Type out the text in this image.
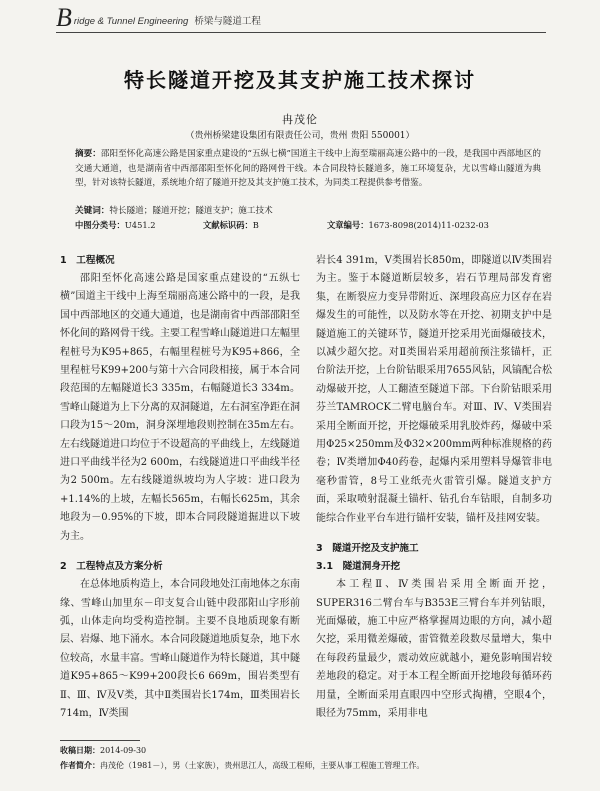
B ridge & Tunnel Engineering 桥梁与隧道工程
特长隧道开挖及其支护施工技术探讨
冉茂伦
（贵州桥梁建设集团有限责任公司，贵州 贵阳 550001）
摘要：邵阳至怀化高速公路是国家重点建设的“五纵七横”国道主干线中上海至瑞丽高速公路中的一段，是我国中西部地区的交通大通道，也是湖南省中西部邵阳至怀化间的路网骨干线。本合同段特长隧道多，施工环境复杂，尤以雪峰山隧道为典型，针对该特长隧道，系统地介绍了隧道开挖及其支护施工技术，为同类工程提供参考借鉴。
关键词：特长隧道；隧道开挖；隧道支护；施工技术
中图分类号：U451.2	文献标识码：B	文章编号：1673-8098(2014)11-0232-03
1　工程概况

邵阳至怀化高速公路是国家重点建设的“五纵七横”国道主干线中上海至瑞丽高速公路中的一段，是我国中西部地区的交通大通道，也是湖南省中西部邵阳至怀化间的路网骨干线。主要工程雪峰山隧道进口左幅里程桩号为K95+865，右幅里程桩号为K95+866，全里程桩号K99+200与第十六合同段相接，属于本合同段范围的左幅隧道长3 335m，右幅隧道长3 334m。雪峰山隧道为上下分离的双洞隧道，左右洞室净距在洞口段为15～20m，洞身深埋地段则控制在35m左右。左右线隧道进口均位于不设超高的平曲线上，左线隧道进口平曲线半径为2 600m，右线隧道进口平曲线半径为2 500m。左右线隧道纵坡均为人字坡：进口段为+1.14%的上坡，左幅长565m，右幅长625m，其余地段为－0.95%的下坡，即本合同段隧道掘进以下坡为主。

2　工程特点及方案分析

在总体地质构造上，本合同段地处江南地体之东南缘、雪峰山加里东－印支复合山链中段邵阳山字形前弧，山体走向均受构造控制。主要不良地质现象有断层、岩爆、地下涌水。本合同段隧道地质复杂，地下水位较高，水量丰富。雪峰山隧道作为特长隧道，其中隧道K95+865～K99+200段长6 669m，围岩类型有Ⅱ、Ⅲ、Ⅳ及Ⅴ类，其中Ⅱ类围岩长174m，Ⅲ类围岩长714m，Ⅳ类围

岩长4 391m，Ⅴ类围岩长850m，即隧道以Ⅳ类围岩为主。鉴于本隧道断层较多，岩石节理局部发育密集，在断裂应力变异带附近、深埋段高应力区存在岩爆发生的可能性，以及防水等在开挖、初期支护中是隧道施工的关键环节，隧道开挖采用光面爆破技术，以减少超欠挖。对Ⅱ类围岩采用超前预注浆锚杆，正台阶法开挖，上台阶钻眼采用7655风钻，风镐配合松动爆破开挖，人工翻渣至隧道下部。下台阶钻眼采用芬兰TAMROCK二臂电脑台车。对Ⅲ、Ⅳ、Ⅴ类围岩采用全断面开挖，开挖爆破采用乳胶炸药，爆破中采用Φ25×250mm及Φ32×200mm两种标准规格的药卷；Ⅳ类增加Φ40药卷，起爆内采用塑料导爆管非电毫秒雷管，8号工业纸壳火雷管引爆。隧道支护方面，采取喷射混凝土锚杆、钻孔台车钻眼，自制多功能综合作业平台车进行锚杆安装，锚杆及挂网安装。

3　隧道开挖及支护施工
3.1　隧道洞身开挖

本工程Ⅱ、Ⅳ类围岩采用全断面开挖，SUPER316二臂台车与B353E三臂台车并列钻眼，光面爆破，施工中应严格掌握周边眼的方向，减小超欠挖，采用微差爆破，雷管微差段数尽量增大，集中在每段药量最少，震动效应就越小，避免影响围岩较差地段的稳定。对于本工程全断面开挖地段每循环药用量，全断面采用直眼四中空形式掏槽，空眼4个，眼径为75mm，采用非电

收稿日期：2014-09-30
作者简介：冉茂伦（1981－），男（土家族），贵州思江人，高级工程师，主要从事工程施工管理工作。
